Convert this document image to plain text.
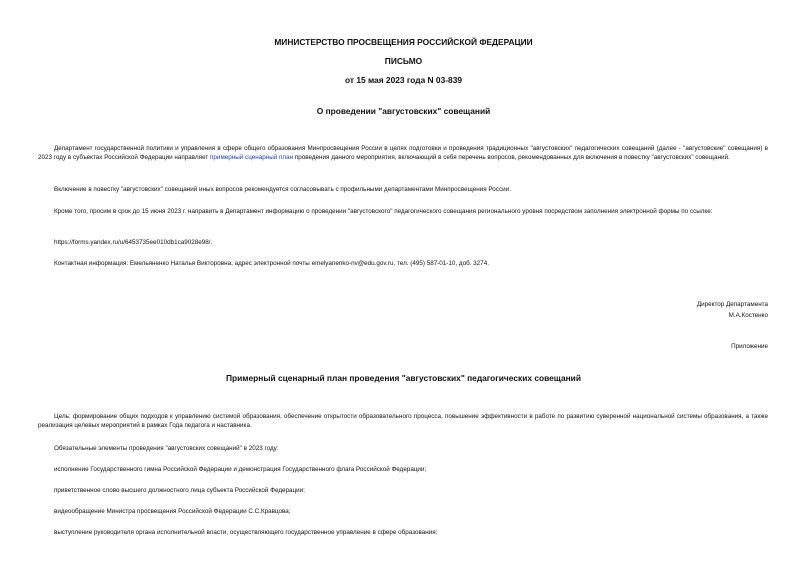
МИНИСТЕРСТВО ПРОСВЕЩЕНИЯ РОССИЙСКОЙ ФЕДЕРАЦИИ
ПИСЬМО
от 15 мая 2023 года N 03-839
О проведении "августовских" совещаний
Департамент государственной политики и управления в сфере общего образования Минпросвещения России в целях подготовки и проведения традиционных "августовских" педагогических совещаний (далее - "августовские" совещания) в 2023 году в субъектах Российской Федерации направляет примерный сценарный план проведения данного мероприятия, включающий в себя перечень вопросов, рекомендованных для включения в повестку "августовских" совещаний.
Включение в повестку "августовских" совещаний иных вопросов рекомендуется согласовывать с профильными департаментами Минпросвещения России.
Кроме того, просим в срок до 15 июня 2023 г. направить в Департамент информацию о проведении "августовского" педагогического совещания регионального уровня посредством заполнения электронной формы по ссылке:
https://forms.yandex.ru/u/6453735ee010db1ca9028e98/.
Контактная информация: Емельяненко Наталья Викторовна, адрес электронной почты emelyanenko-nv@edu.gov.ru, тел. (495) 587-01-10, доб. 3274.
Директор Департамента
М.А.Костенко
Приложение
Примерный сценарный план проведения "августовских" педагогических совещаний
Цель: формирование общих подходов к управлению системой образования, обеспечение открытости образовательного процесса, повышение эффективности в работе по развитию суверенной национальной системы образования, а также реализация целевых мероприятий в рамках Года педагога и наставника.
Обязательные элементы проведения "августовских совещаний" в 2023 году:
исполнение Государственного гимна Российской Федерации и демонстрация Государственного флага Российской Федерации;
приветственное слово высшего должностного лица субъекта Российской Федерации;
видеообращение Министра просвещения Российской Федерации С.С.Кравцова;
выступление руководителя органа исполнительной власти, осуществляющего государственное управление в сфере образования;
